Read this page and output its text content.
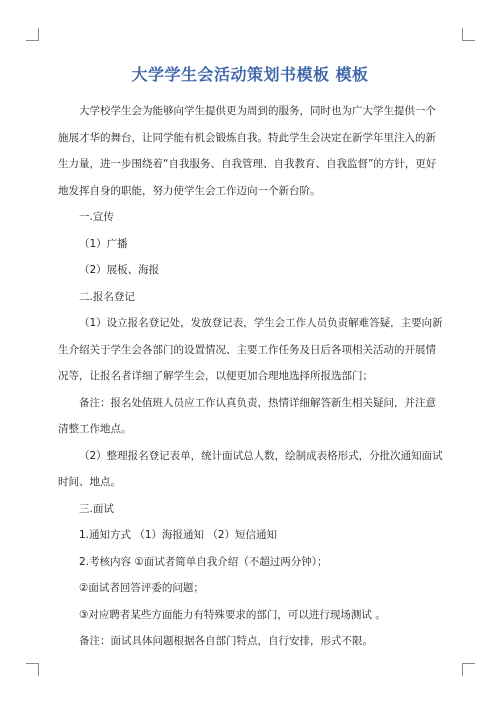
大学学生会活动策划书模板 模板

大学校学生会为能够向学生提供更为周到的服务，同时也为广大学生提供一个施展才华的舞台，让同学能有机会锻炼自我。特此学生会决定在新学年里注入的新生力量，进一步围绕着“自我服务、自我管理、自我教育、自我监督”的方针，更好地发挥自身的职能，努力使学生会工作迈向一个新台阶。

一.宣传

（1）广播

（2）展板、海报

二.报名登记

（1）设立报名登记处，发放登记表，学生会工作人员负责解难答疑，主要向新生介绍关于学生会各部门的设置情况、主要工作任务及日后各项相关活动的开展情况等，让报名者详细了解学生会，以便更加合理地选择所报选部门；

备注：报名处值班人员应工作认真负责，热情详细解答新生相关疑问，并注意清整工作地点。

（2）整理报名登记表单，统计面试总人数，绘制成表格形式，分批次通知面试时间、地点。

三.面试

1.通知方式 （1）海报通知 （2）短信通知

2.考核内容 ①面试者简单自我介绍（不超过两分钟）；

②面试者回答评委的问题；

③对应聘者某些方面能力有特殊要求的部门，可以进行现场测试 。

备注：面试具体问题根据各自部门特点，自行安排，形式不限。
